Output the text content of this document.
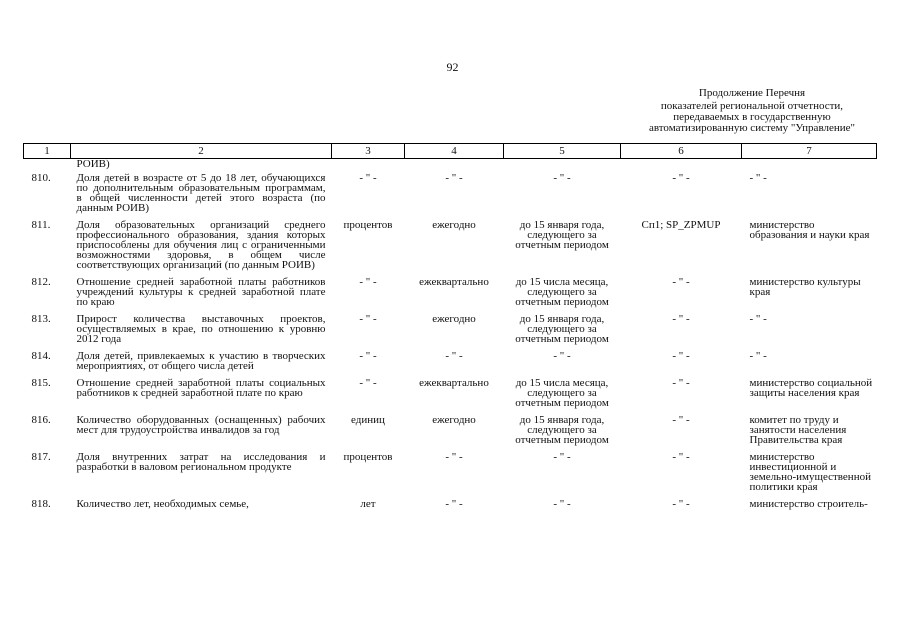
92
Продолжение Перечня
показателей региональной отчетности,
передаваемых в государственную
автоматизированную систему "Управление"
1	2	3	4	5	6	7
	РОИВ)					
810.	Доля детей в возрасте от 5 до 18 лет, обучающихся по дополнительным образовательным программам, в общей численности детей этого возраста (по данным РОИВ)	- " -	- " -	- " -	- " -	- " -
811.	Доля образовательных организаций среднего профессионального образования, здания которых приспособлены для обучения лиц с ограниченными возможностями здоровья, в общем числе соответствующих организаций (по данным РОИВ)	процентов	ежегодно	до 15 января года, следующего за отчетным периодом	Сп1; SP_ZPMUP	министерство образования и науки края
812.	Отношение средней заработной платы работников учреждений культуры к средней заработной плате по краю	- " -	ежеквартально	до 15 числа месяца, следующего за отчетным периодом	- " -	министерство культуры края
813.	Прирост количества выставочных проектов, осуществляемых в крае, по отношению к уровню 2012 года	- " -	ежегодно	до 15 января года, следующего за отчетным периодом	- " -	- " -
814.	Доля детей, привлекаемых к участию в творческих мероприятиях, от общего числа детей	- " -	- " -	- " -	- " -	- " -
815.	Отношение средней заработной платы социальных работников к средней заработной плате по краю	- " -	ежеквартально	до 15 числа месяца, следующего за отчетным периодом	- " -	министерство социальной защиты населения края
816.	Количество оборудованных (оснащенных) рабочих мест для трудоустройства инвалидов за год	единиц	ежегодно	до 15 января года, следующего за отчетным периодом	- " -	комитет по труду и занятости населения Правительства края
817.	Доля внутренних затрат на исследования и разработки в валовом региональном продукте	процентов	- " -	- " -	- " -	министерство инвестиционной и земельно-имущественной политики края
818.	Количество лет, необходимых семье,	лет	- " -	- " -	- " -	министерство строитель-
